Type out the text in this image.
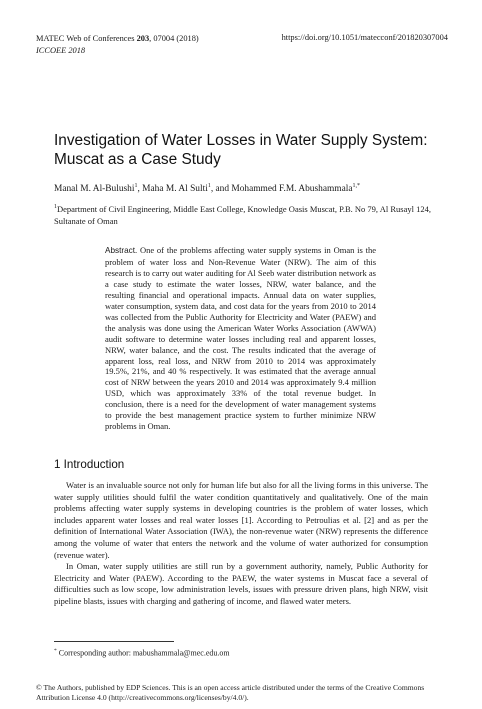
MATEC Web of Conferences 203, 07004 (2018)
ICCOEE 2018
https://doi.org/10.1051/matecconf/201820307004
Investigation of Water Losses in Water Supply System: Muscat as a Case Study
Manal M. Al-Bulushi$^1$, Maha M. Al Sulti$^1$, and Mohammed F.M. Abushammala$^{1,*}$
$^1$Department of Civil Engineering, Middle East College, Knowledge Oasis Muscat, P.B. No 79, Al Rusayl 124, Sultanate of Oman
Abstract. One of the problems affecting water supply systems in Oman is the problem of water loss and Non-Revenue Water (NRW). The aim of this research is to carry out water auditing for Al Seeb water distribution network as a case study to estimate the water losses, NRW, water balance, and the resulting financial and operational impacts. Annual data on water supplies, water consumption, system data, and cost data for the years from 2010 to 2014 was collected from the Public Authority for Electricity and Water (PAEW) and the analysis was done using the American Water Works Association (AWWA) audit software to determine water losses including real and apparent losses, NRW, water balance, and the cost. The results indicated that the average of apparent loss, real loss, and NRW from 2010 to 2014 was approximately 19.5%, 21%, and 40 % respectively. It was estimated that the average annual cost of NRW between the years 2010 and 2014 was approximately 9.4 million USD, which was approximately 33% of the total revenue budget. In conclusion, there is a need for the development of water management systems to provide the best management practice system to further minimize NRW problems in Oman.
1 Introduction

Water is an invaluable source not only for human life but also for all the living forms in this universe. The water supply utilities should fulfil the water condition quantitatively and qualitatively. One of the main problems affecting water supply systems in developing countries is the problem of water losses, which includes apparent water losses and real water losses [1]. According to Petroulias et al. [2] and as per the definition of International Water Association (IWA), the non-revenue water (NRW) represents the difference among the volume of water that enters the network and the volume of water authorized for consumption (revenue water).

In Oman, water supply utilities are still run by a government authority, namely, Public Authority for Electricity and Water (PAEW). According to the PAEW, the water systems in Muscat face a several of difficulties such as low scope, low administration levels, issues with pressure driven plans, high NRW, visit pipeline blasts, issues with charging and gathering of income, and flawed water meters.

* Corresponding author: mabushammala@mec.edu.om
© The Authors, published by EDP Sciences. This is an open access article distributed under the terms of the Creative Commons Attribution License 4.0 (http://creativecommons.org/licenses/by/4.0/).
